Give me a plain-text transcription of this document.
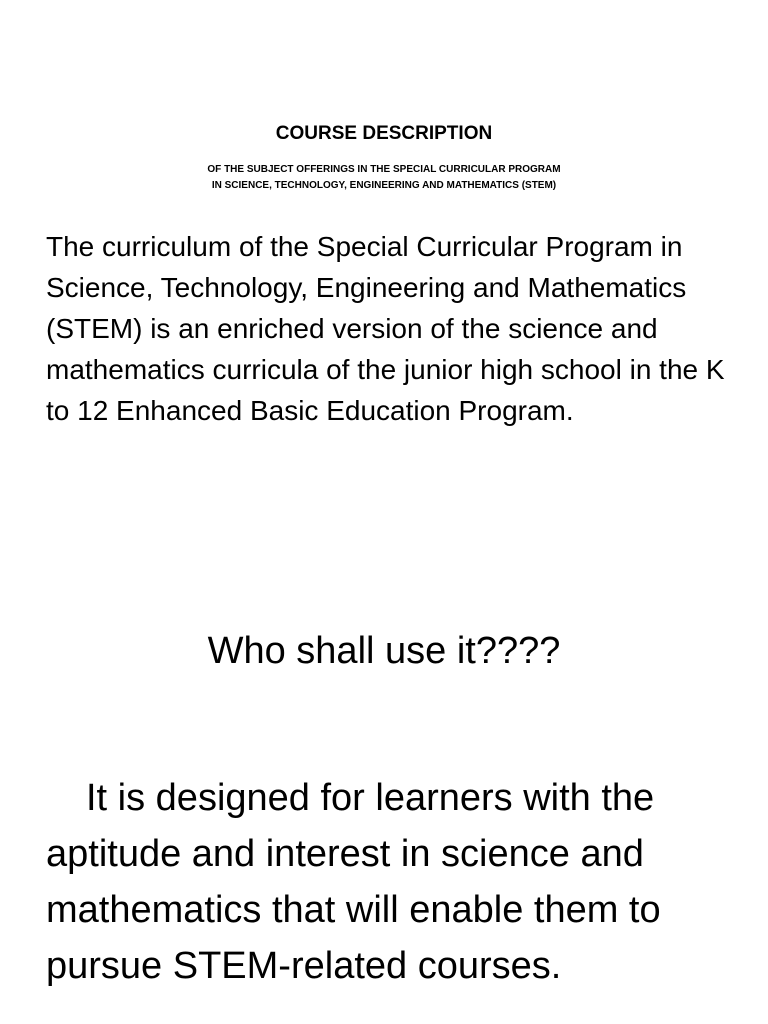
COURSE DESCRIPTION
OF THE SUBJECT OFFERINGS IN THE SPECIAL CURRICULAR PROGRAM
IN SCIENCE, TECHNOLOGY, ENGINEERING AND MATHEMATICS (STEM)
The curriculum of the Special Curricular Program in Science, Technology, Engineering and Mathematics (STEM) is an enriched version of the science and mathematics curricula of the junior high school in the K to 12 Enhanced Basic Education Program.
Who shall use it????
It is designed for learners with the aptitude and interest in science and mathematics that will enable them to pursue STEM-related courses.
